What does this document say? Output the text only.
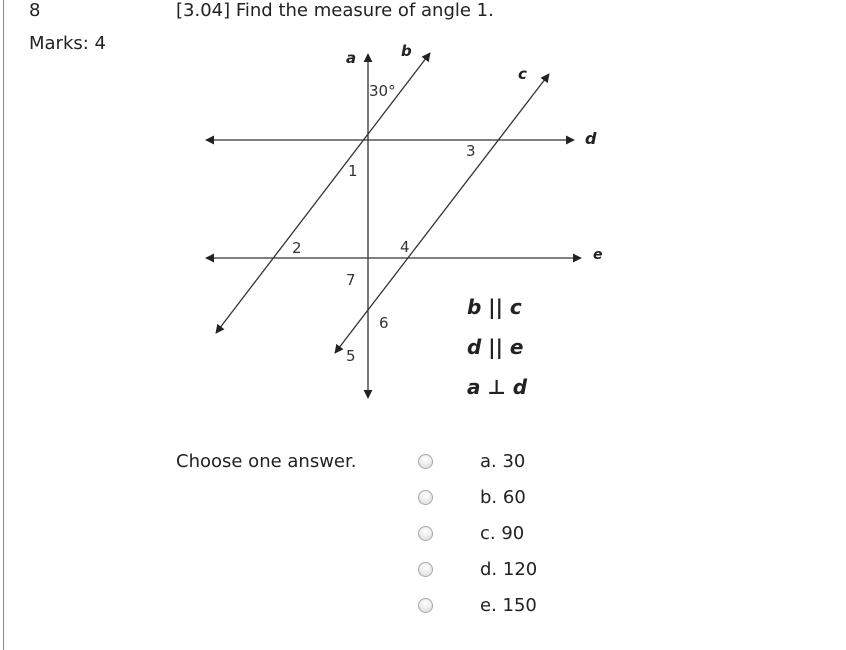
8
Marks: 4
[3.04] Find the measure of angle 1.
a	b
c
d
e
30°
1
2
3
4
5
6
7
b || c
d || e
a ⊥ d
Choose one answer.	a. 30
b. 60
c. 90
d. 120
e. 150
